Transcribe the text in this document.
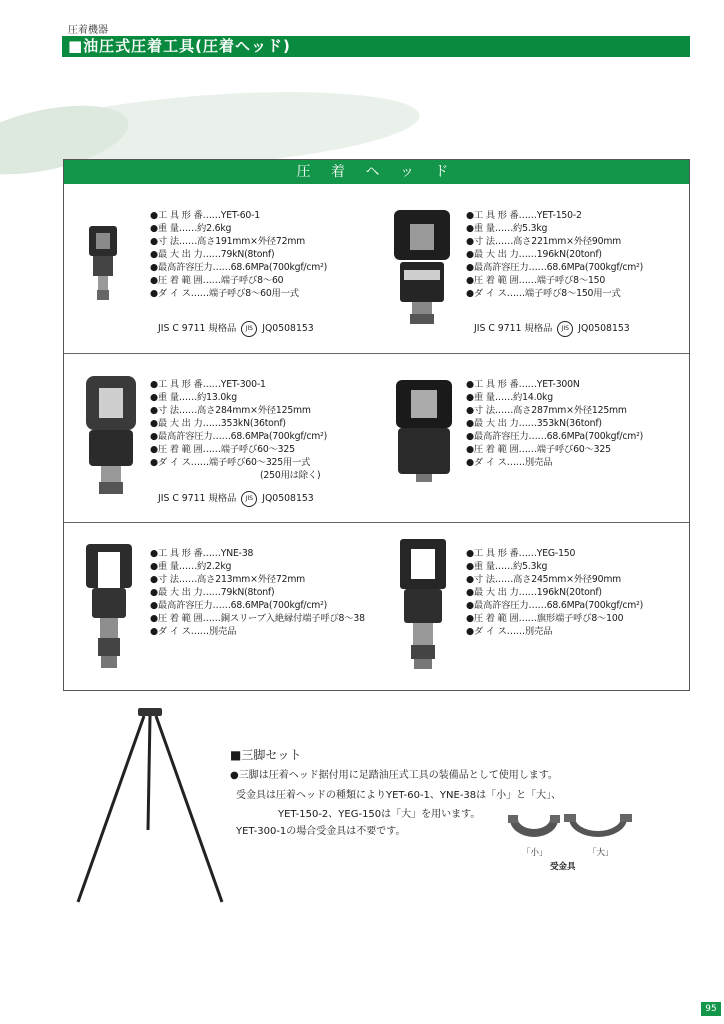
圧着機器
■油圧式圧着工具(圧着ヘッド)
圧 着 ヘ ッ ド
●工 具 形 番……YET-60-1
●重 量……約2.6kg
●寸 法……高さ191mm×外径72mm
●最 大 出 力……79kN(8tonf)
●最高許容圧力……68.6MPa(700kgf/cm²)
●圧 着 範 囲……端子呼び8〜60
●ダ イ ス……端子呼び8〜60用一式
JIS C 9711 規格品 JIS JQ0508153
●工 具 形 番……YET-150-2
●重 量……約5.3kg
●寸 法……高さ221mm×外径90mm
●最 大 出 力……196kN(20tonf)
●最高許容圧力……68.6MPa(700kgf/cm²)
●圧 着 範 囲……端子呼び8〜150
●ダ イ ス……端子呼び8〜150用一式
JIS C 9711 規格品 JIS JQ0508153
●工 具 形 番……YET-300-1
●重 量……約13.0kg
●寸 法……高さ284mm×外径125mm
●最 大 出 力……353kN(36tonf)
●最高許容圧力……68.6MPa(700kgf/cm²)
●圧 着 範 囲……端子呼び60〜325
●ダ イ ス……端子呼び60〜325用一式
(250用は除く)
JIS C 9711 規格品 JIS JQ0508153
●工 具 形 番……YET-300N
●重 量……約14.0kg
●寸 法……高さ287mm×外径125mm
●最 大 出 力……353kN(36tonf)
●最高許容圧力……68.6MPa(700kgf/cm²)
●圧 着 範 囲……端子呼び60〜325
●ダ イ ス……別売品
●工 具 形 番……YNE-38
●重 量……約2.2kg
●寸 法……高さ213mm×外径72mm
●最 大 出 力……79kN(8tonf)
●最高許容圧力……68.6MPa(700kgf/cm²)
●圧 着 範 囲……銅スリーブ入絶縁付端子呼び8〜38
●ダ イ ス……別売品
●工 具 形 番……YEG-150
●重 量……約5.3kg
●寸 法……高さ245mm×外径90mm
●最 大 出 力……196kN(20tonf)
●最高許容圧力……68.6MPa(700kgf/cm²)
●圧 着 範 囲……旗形端子呼び8〜100
●ダ イ ス……別売品
■三脚セット
●三脚は圧着ヘッド据付用に足踏油圧式工具の装備品として使用します。
受金具は圧着ヘッドの種類によりYET-60-1、YNE-38は「小」と「大」、
YET-150-2、YEG-150は「大」を用います。
YET-300-1の場合受金具は不要です。
「小」	「大」
受金具
95
